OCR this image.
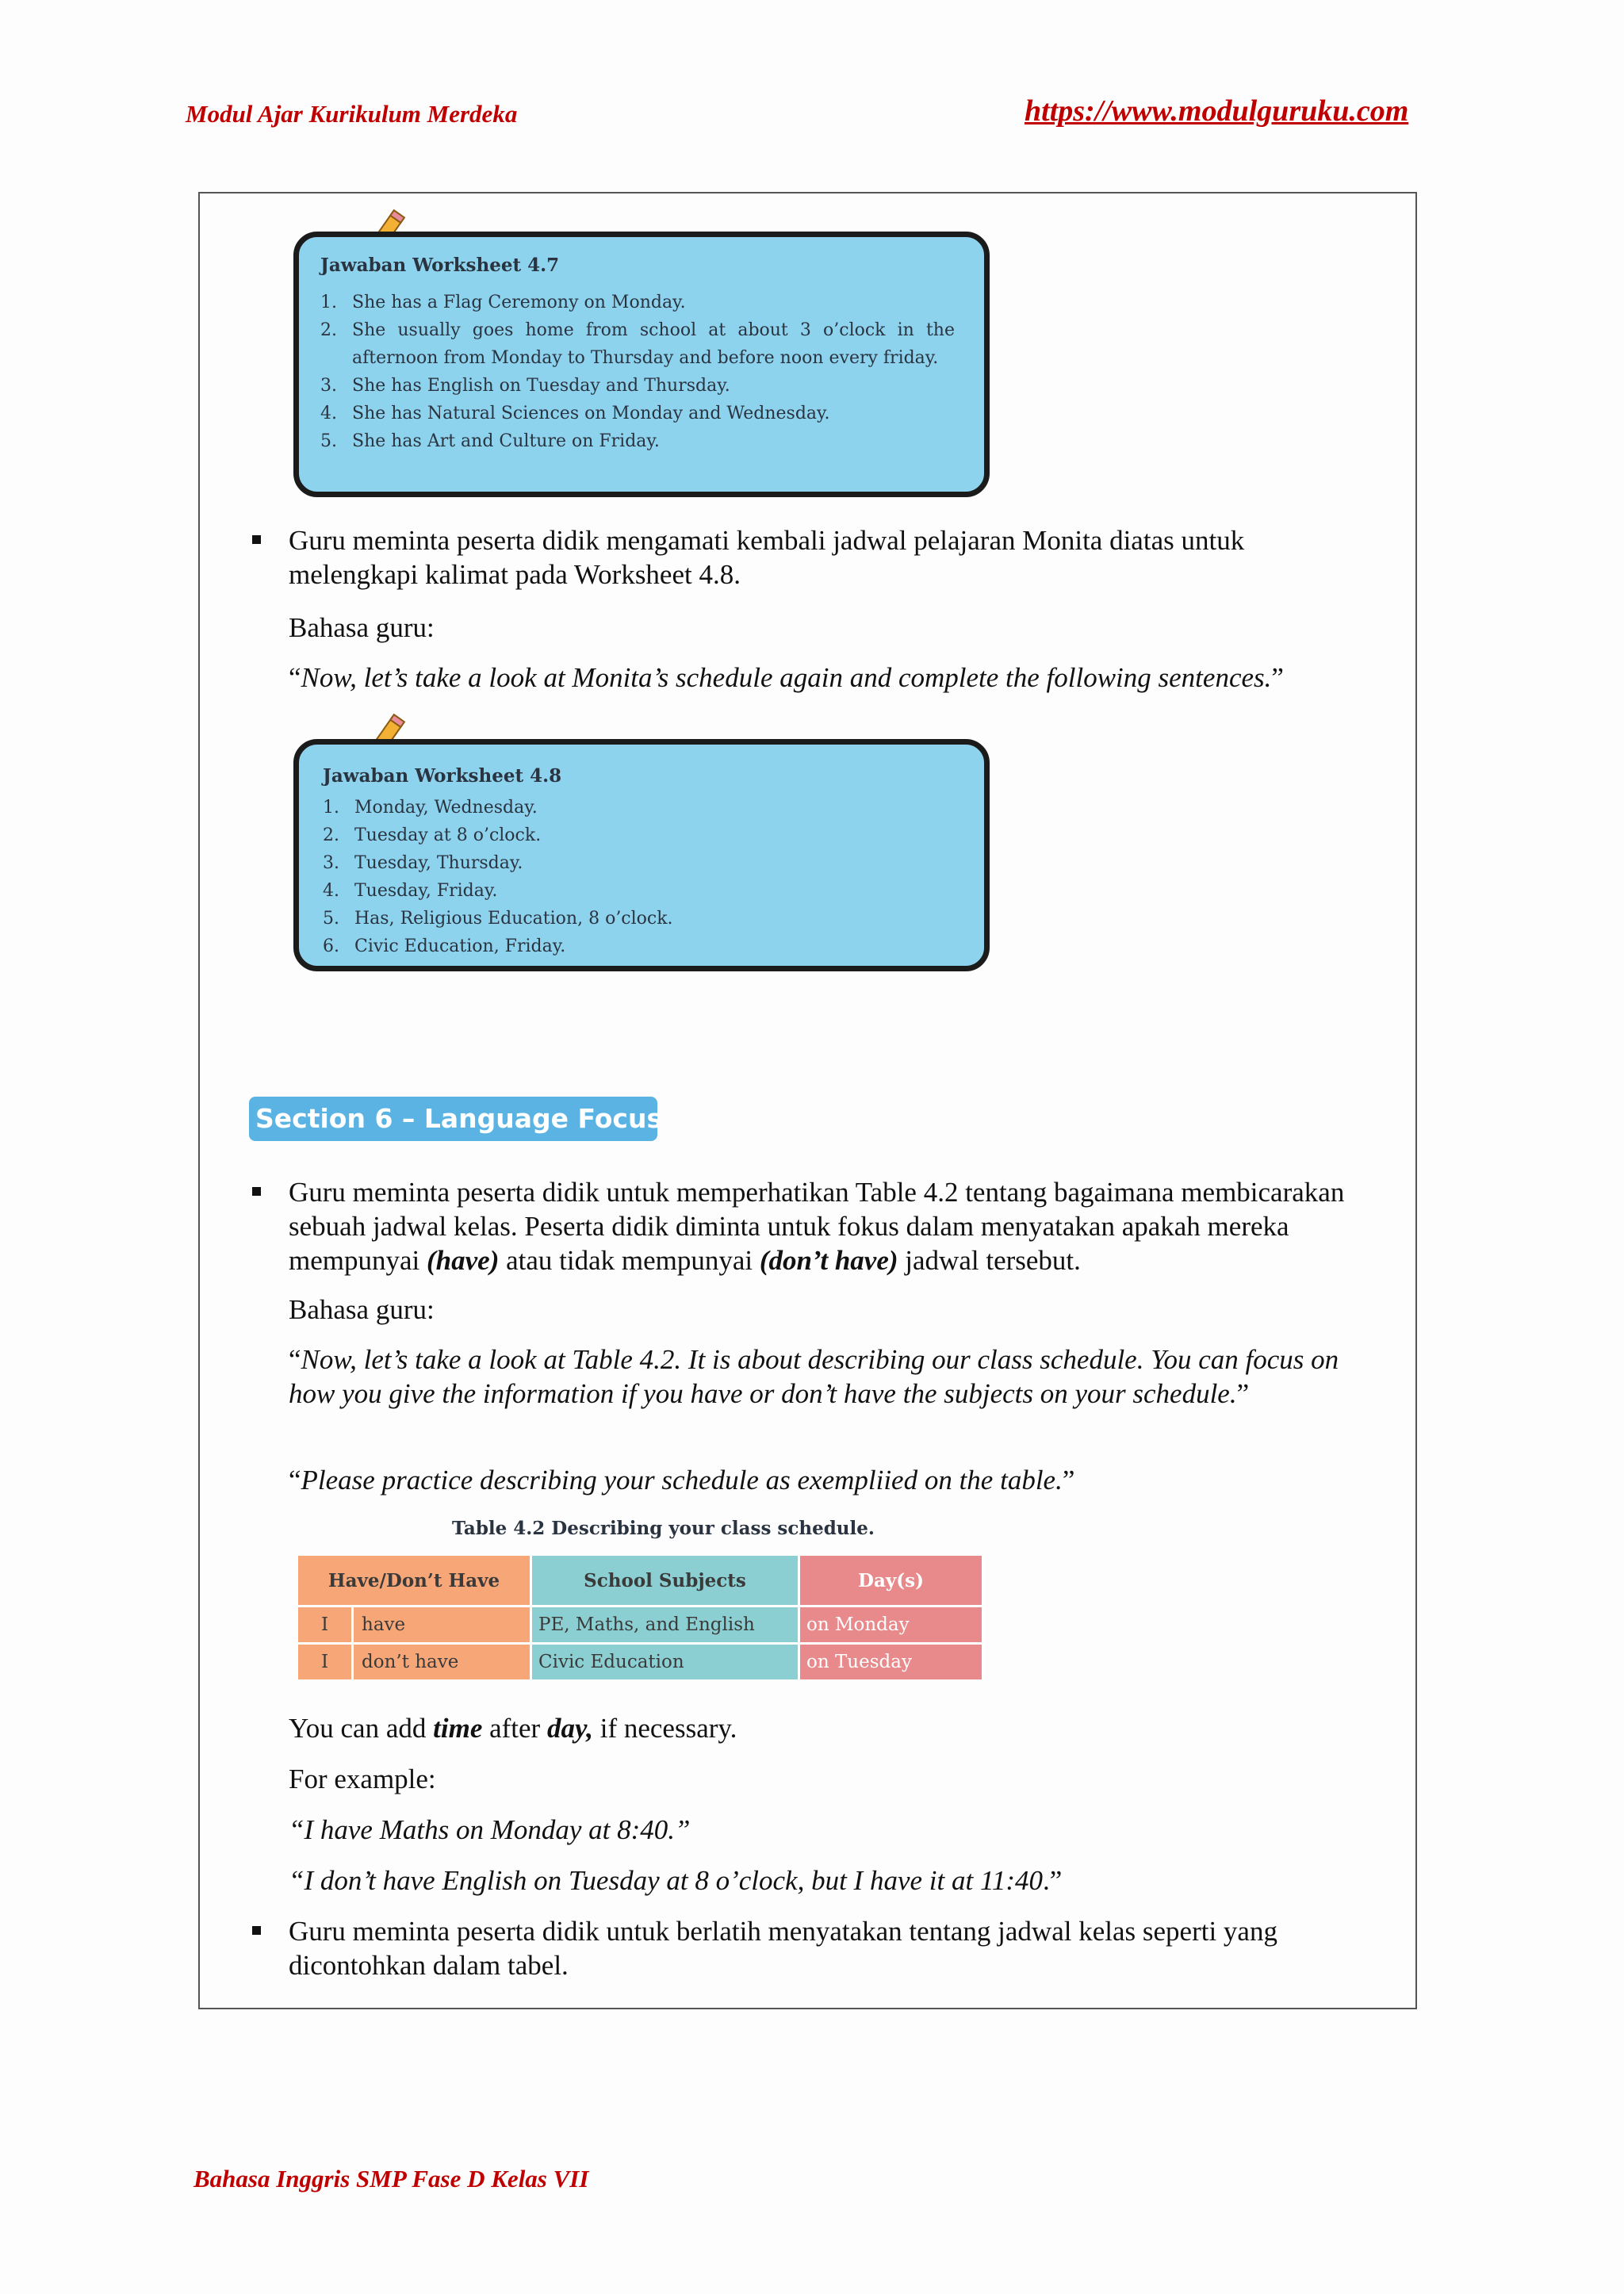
Modul Ajar Kurikulum Merdeka	https://www.modulguruku.com
Bahasa Inggris SMP Fase D Kelas VII
Jawaban Worksheet 4.7
1. She has a Flag Ceremony on Monday.
2. She usually goes home from school at about 3 o’clock in the afternoon from Monday to Thursday and before noon every friday.
3. She has English on Tuesday and Thursday.
4. She has Natural Sciences on Monday and Wednesday.
5. She has Art and Culture on Friday.
Guru meminta peserta didik mengamati kembali jadwal pelajaran Monita diatas untuk melengkapi kalimat pada Worksheet 4.8.
Bahasa guru:
“Now, let’s take a look at Monita’s schedule again and complete the following sentences.”
Jawaban Worksheet 4.8
1. Monday, Wednesday.
2. Tuesday at 8 o’clock.
3. Tuesday, Thursday.
4. Tuesday, Friday.
5. Has, Religious Education, 8 o’clock.
6. Civic Education, Friday.
Section 6 – Language Focus
Guru meminta peserta didik untuk memperhatikan Table 4.2 tentang bagaimana membicarakan sebuah jadwal kelas. Peserta didik diminta untuk fokus dalam menyatakan apakah mereka mempunyai (have) atau tidak mempunyai (don’t have) jadwal tersebut.
Bahasa guru:
“Now, let’s take a look at Table 4.2. It is about describing our class schedule. You can focus on how you give the information if you have or don’t have the subjects on your schedule.”
“Please practice describing your schedule as exempliied on the table.”
Table 4.2 Describing your class schedule.
Have/Don’t Have		School Subjects	Day(s)
I	have	PE, Maths, and English	on Monday
I	don’t have	Civic Education	on Tuesday
You can add time after day, if necessary.
For example:
“I have Maths on Monday at 8:40.”
“I don’t have English on Tuesday at 8 o’clock, but I have it at 11:40.”
Guru meminta peserta didik untuk berlatih menyatakan tentang jadwal kelas seperti yang dicontohkan dalam tabel.
